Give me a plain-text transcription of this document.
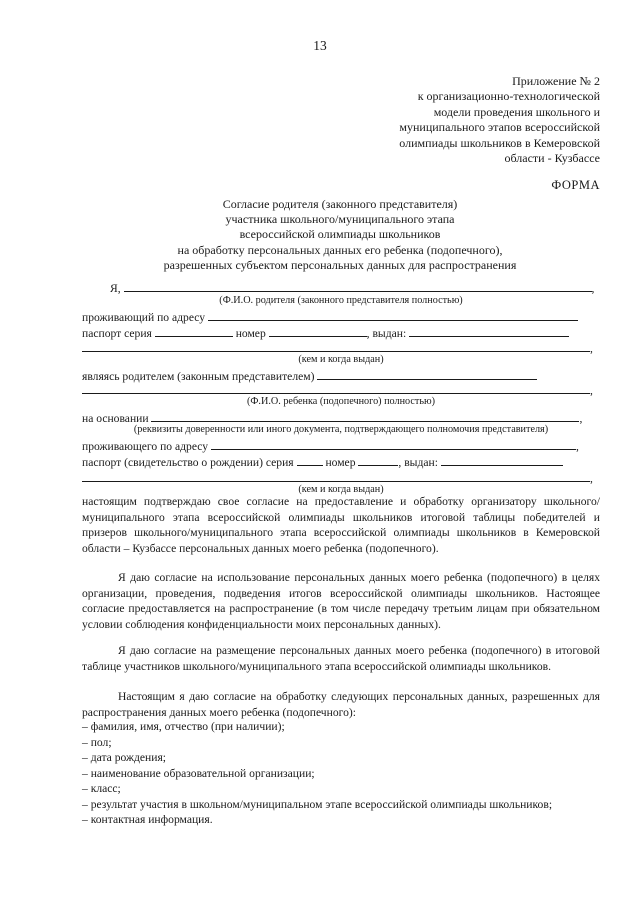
13
Приложение № 2
к организационно-технологической
модели проведения школьного и
муниципального этапов всероссийской
олимпиады школьников в Кемеровской
области - Кузбассе
ФОРМА
Согласие родителя (законного представителя)
участника школьного/муниципального этапа
всероссийской олимпиады школьников
на обработку персональных данных его ребенка (подопечного),
разрешенных субъектом персональных данных для распространения
Я,	,
(Ф.И.О. родителя (законного представителя полностью)
проживающий по адресу
паспорт серия	номер	, выдан:
,
(кем и когда выдан)
являясь родителем (законным представителем)
,
(Ф.И.О. ребенка (подопечного) полностью)
на основании	,
(реквизиты доверенности или иного документа, подтверждающего полномочия представителя)
проживающего по адресу	,
паспорт (свидетельство о рождении) серия	номер	, выдан:
,
(кем и когда выдан)
настоящим подтверждаю свое согласие на предоставление и обработку организатору школьного/муниципального этапа всероссийской олимпиады школьников итоговой таблицы победителей и призеров школьного/муниципального этапа всероссийской олимпиады школьников в Кемеровской области – Кузбассе персональных данных моего ребенка (подопечного).
Я даю согласие на использование персональных данных моего ребенка (подопечного) в целях организации, проведения, подведения итогов всероссийской олимпиады школьников. Настоящее согласие предоставляется на распространение (в том числе передачу третьим лицам при обязательном условии соблюдения конфиденциальности моих персональных данных).
Я даю согласие на размещение персональных данных моего ребенка (подопечного) в итоговой таблице участников школьного/муниципального этапа всероссийской олимпиады школьников.
Настоящим я даю согласие на обработку следующих персональных данных, разрешенных для распространения данных моего ребенка (подопечного):
– фамилия, имя, отчество (при наличии);
– пол;
– дата рождения;
– наименование образовательной организации;
– класс;
– результат участия в школьном/муниципальном этапе всероссийской олимпиады школьников;
– контактная информация.
